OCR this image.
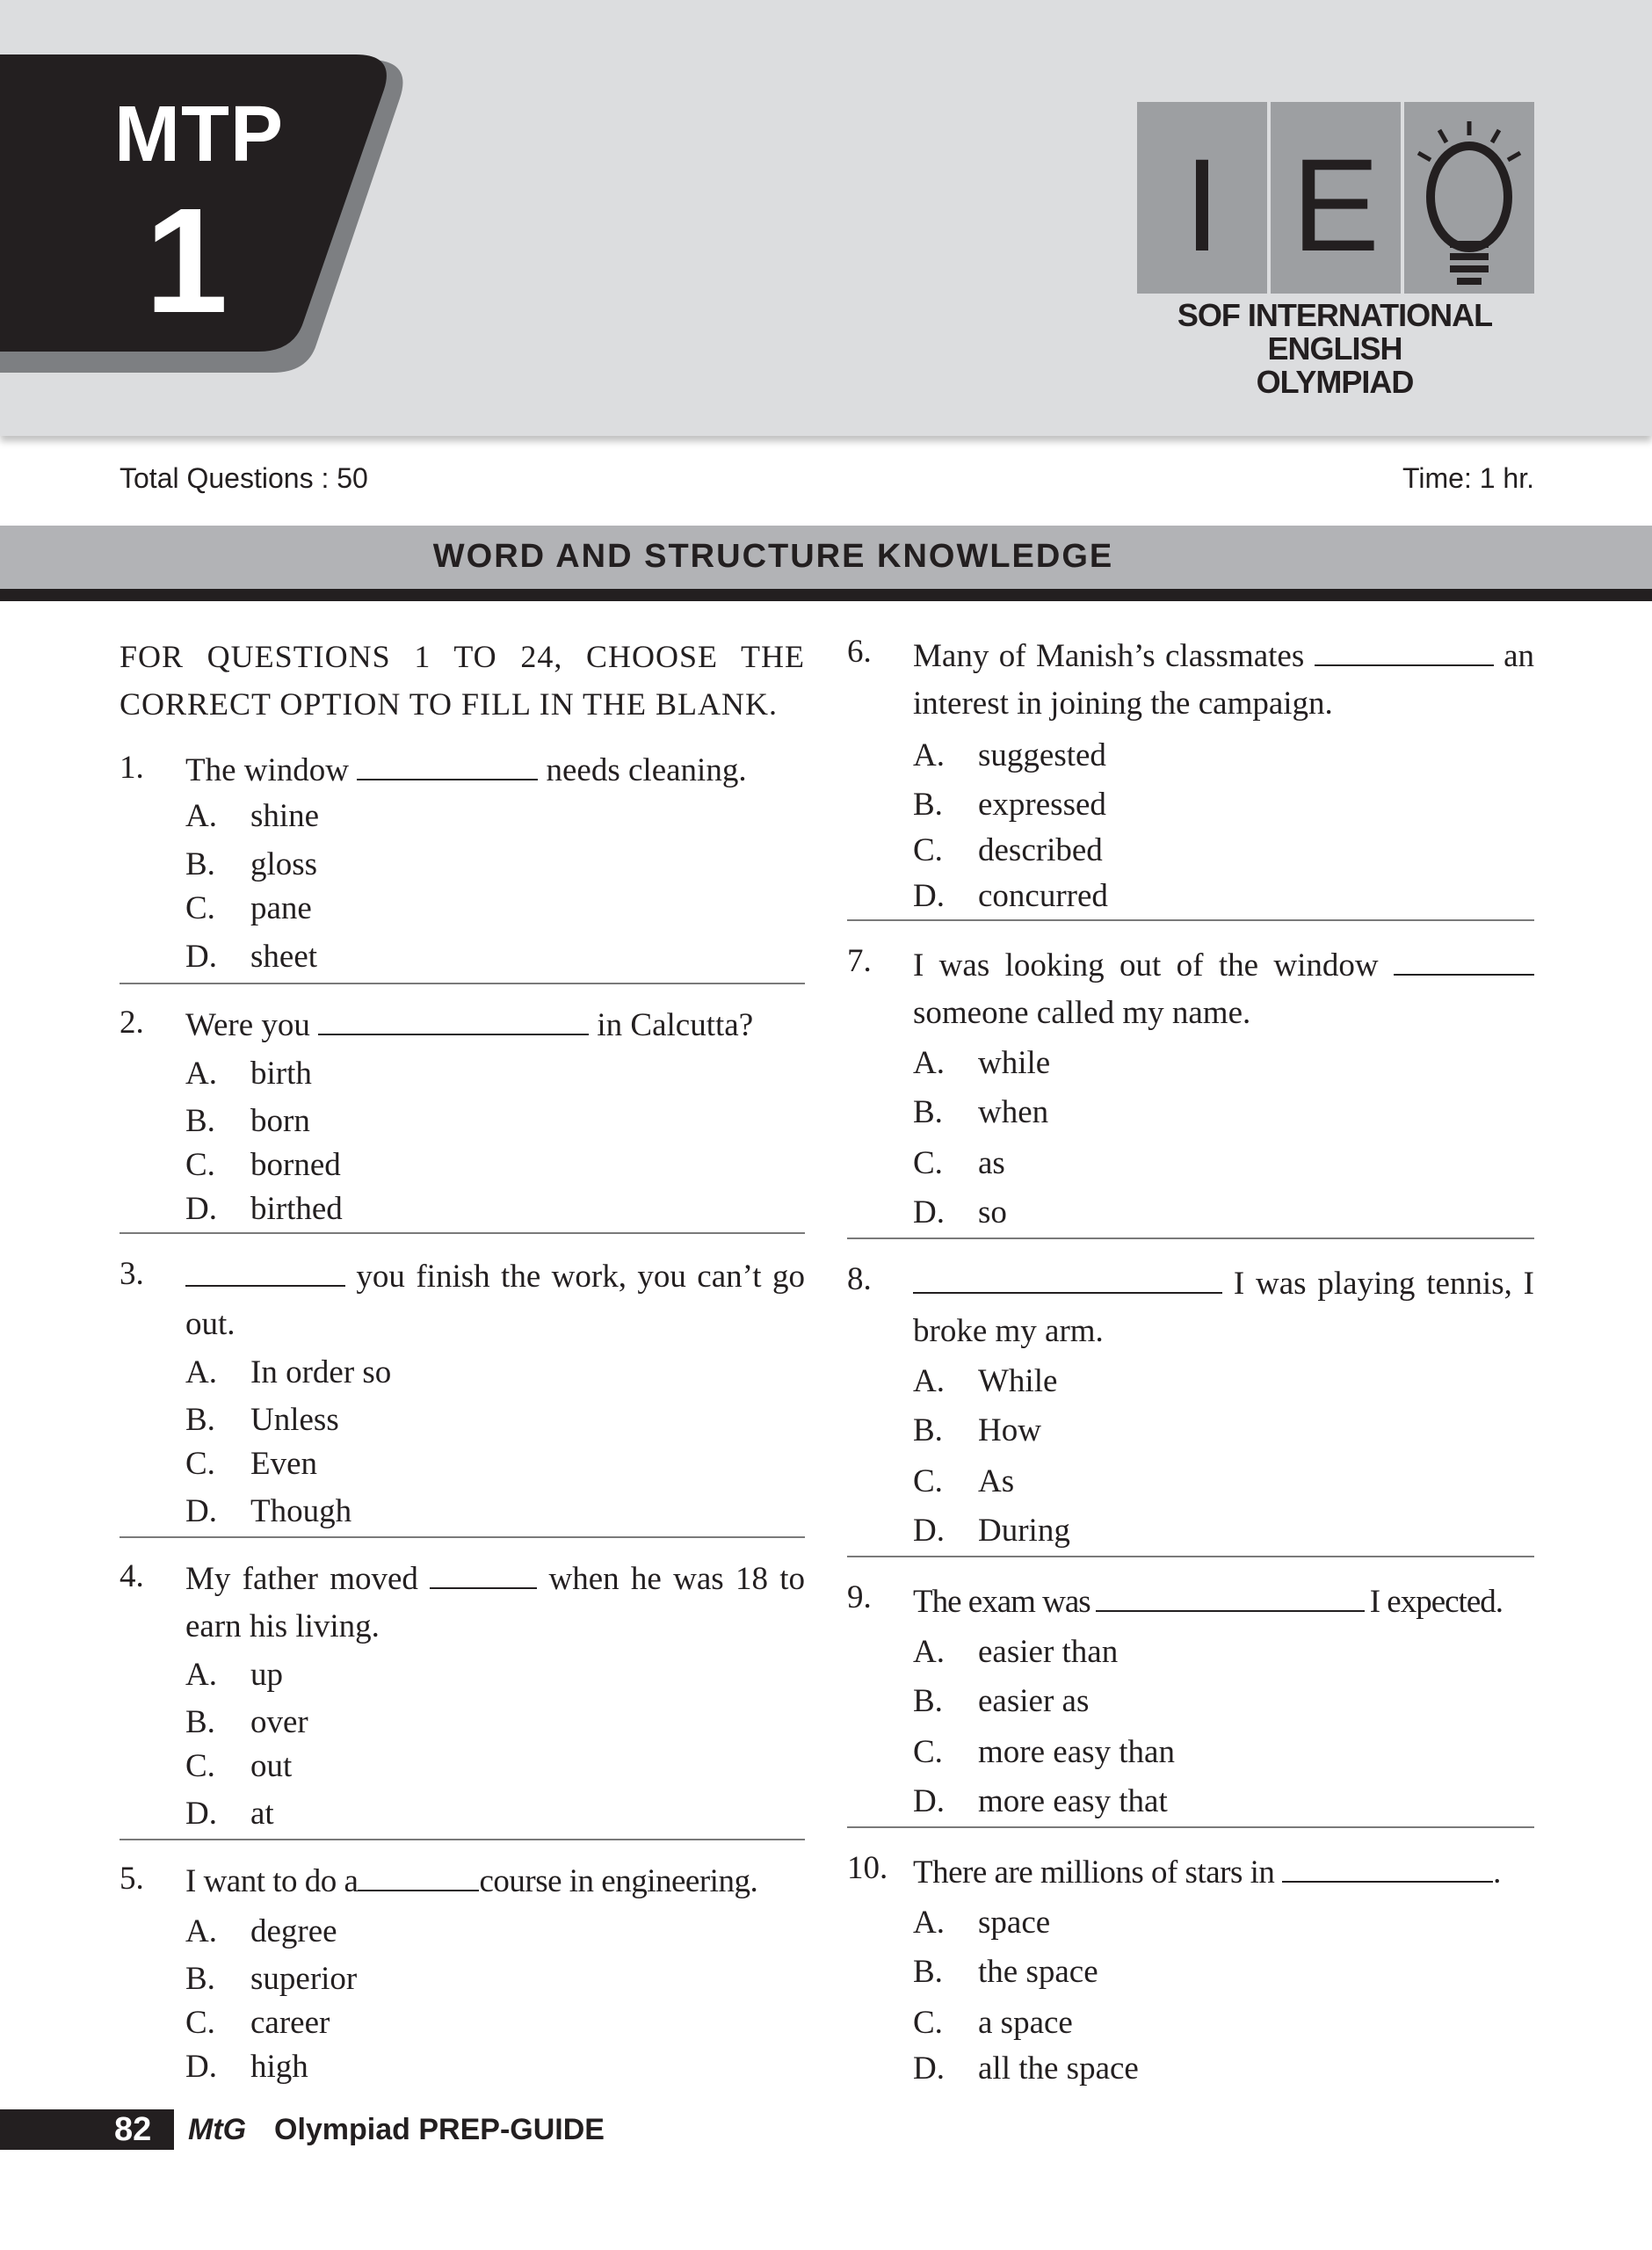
MTP
1	I E
SOF INTERNATIONAL ENGLISH
OLYMPIAD
Total Questions : 50	Time: 1 hr.
WORD AND STRUCTURE KNOWLEDGE
FOR QUESTIONS 1 TO 24, CHOOSE THE CORRECT OPTION TO FILL IN THE BLANK.
1. The window	needs cleaning.
A. shine
B. gloss
C. pane
D. sheet
2. Were you	in Calcutta?
A. birth
B. born
C. borned
D. birthed
3.	you finish the work, you can’t go out.
A. In order so
B. Unless
C. Even
D. Though
4. My father moved	when he was 18 to earn his living.
A. up
B. over
C. out
D. at
5. I want to do a	course in engineering.
A. degree
B. superior
C. career
D. high
6. Many of Manish’s classmates	an interest in joining the campaign.
A. suggested
B. expressed
C. described
D. concurred
7. I was looking out of the window  someone called my name.
A. while
B. when
C. as
D. so
8.	I was playing tennis, I broke my arm.
A. While
B. How
C. As
D. During
9. The exam was	I expected.
A. easier than
B. easier as
C. more easy than
D. more easy that
10. There are millions of stars in	.
A. space
B. the space
C. a space
D. all the space
82 MtG Olympiad PREP-GUIDE
